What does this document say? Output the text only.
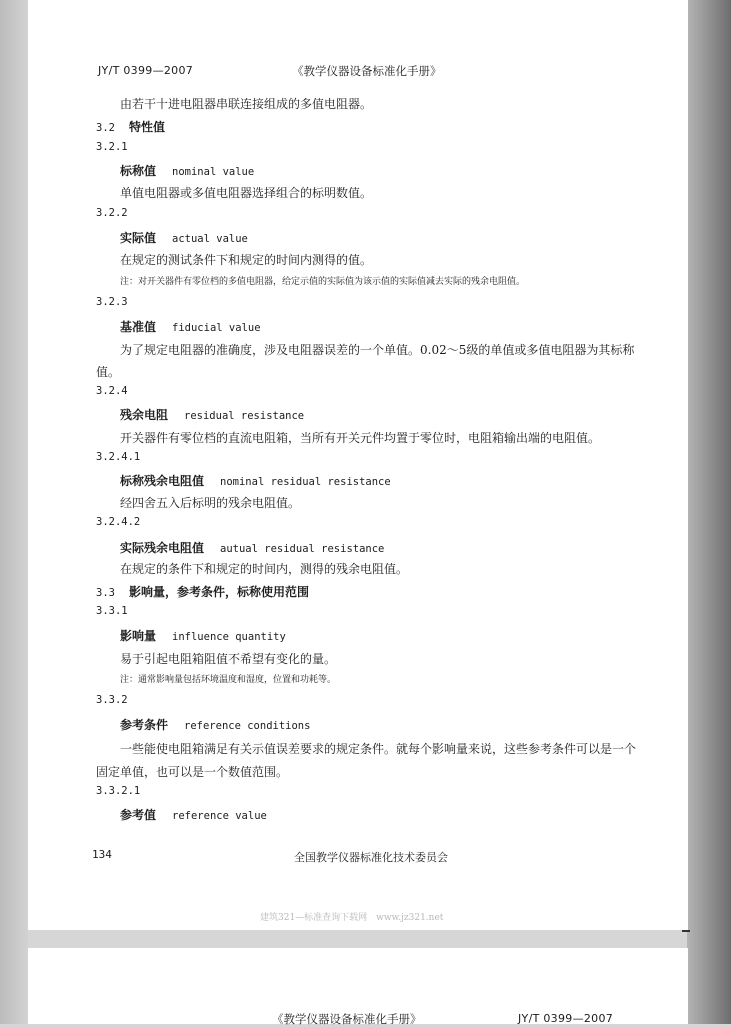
JY/T 0399—2007	《教学仪器设备标准化手册》
由若干十进电阻器串联连接组成的多值电阻器。
3.2 特性值
3.2.1
标称值 nominal value
单值电阻器或多值电阻器选择组合的标明数值。
3.2.2
实际值 actual value
在规定的测试条件下和规定的时间内测得的值。
注：对开关器件有零位档的多值电阻器，给定示值的实际值为该示值的实际值减去实际的残余电阻值。
3.2.3
基准值 fiducial value
为了规定电阻器的准确度，涉及电阻器误差的一个单值。0.02～5级的单值或多值电阻器为其标称
值。
3.2.4
残余电阻 residual resistance
开关器件有零位档的直流电阻箱，当所有开关元件均置于零位时，电阻箱输出端的电阻值。
3.2.4.1
标称残余电阻值 nominal residual resistance
经四舍五入后标明的残余电阻值。
3.2.4.2
实际残余电阻值 autual residual resistance
在规定的条件下和规定的时间内，测得的残余电阻值。
3.3 影响量，参考条件，标称使用范围
3.3.1
影响量 influence quantity
易于引起电阻箱阻值不希望有变化的量。
注：通常影响量包括环境温度和湿度，位置和功耗等。
3.3.2
参考条件 reference conditions
一些能使电阻箱满足有关示值误差要求的规定条件。就每个影响量来说，这些参考条件可以是一个
固定单值，也可以是一个数值范围。
3.3.2.1
参考值 reference value
134	全国教学仪器标准化技术委员会
建筑321—标准查询下载网　www.jz321.net
《教学仪器设备标准化手册》	JY/T 0399—2007
